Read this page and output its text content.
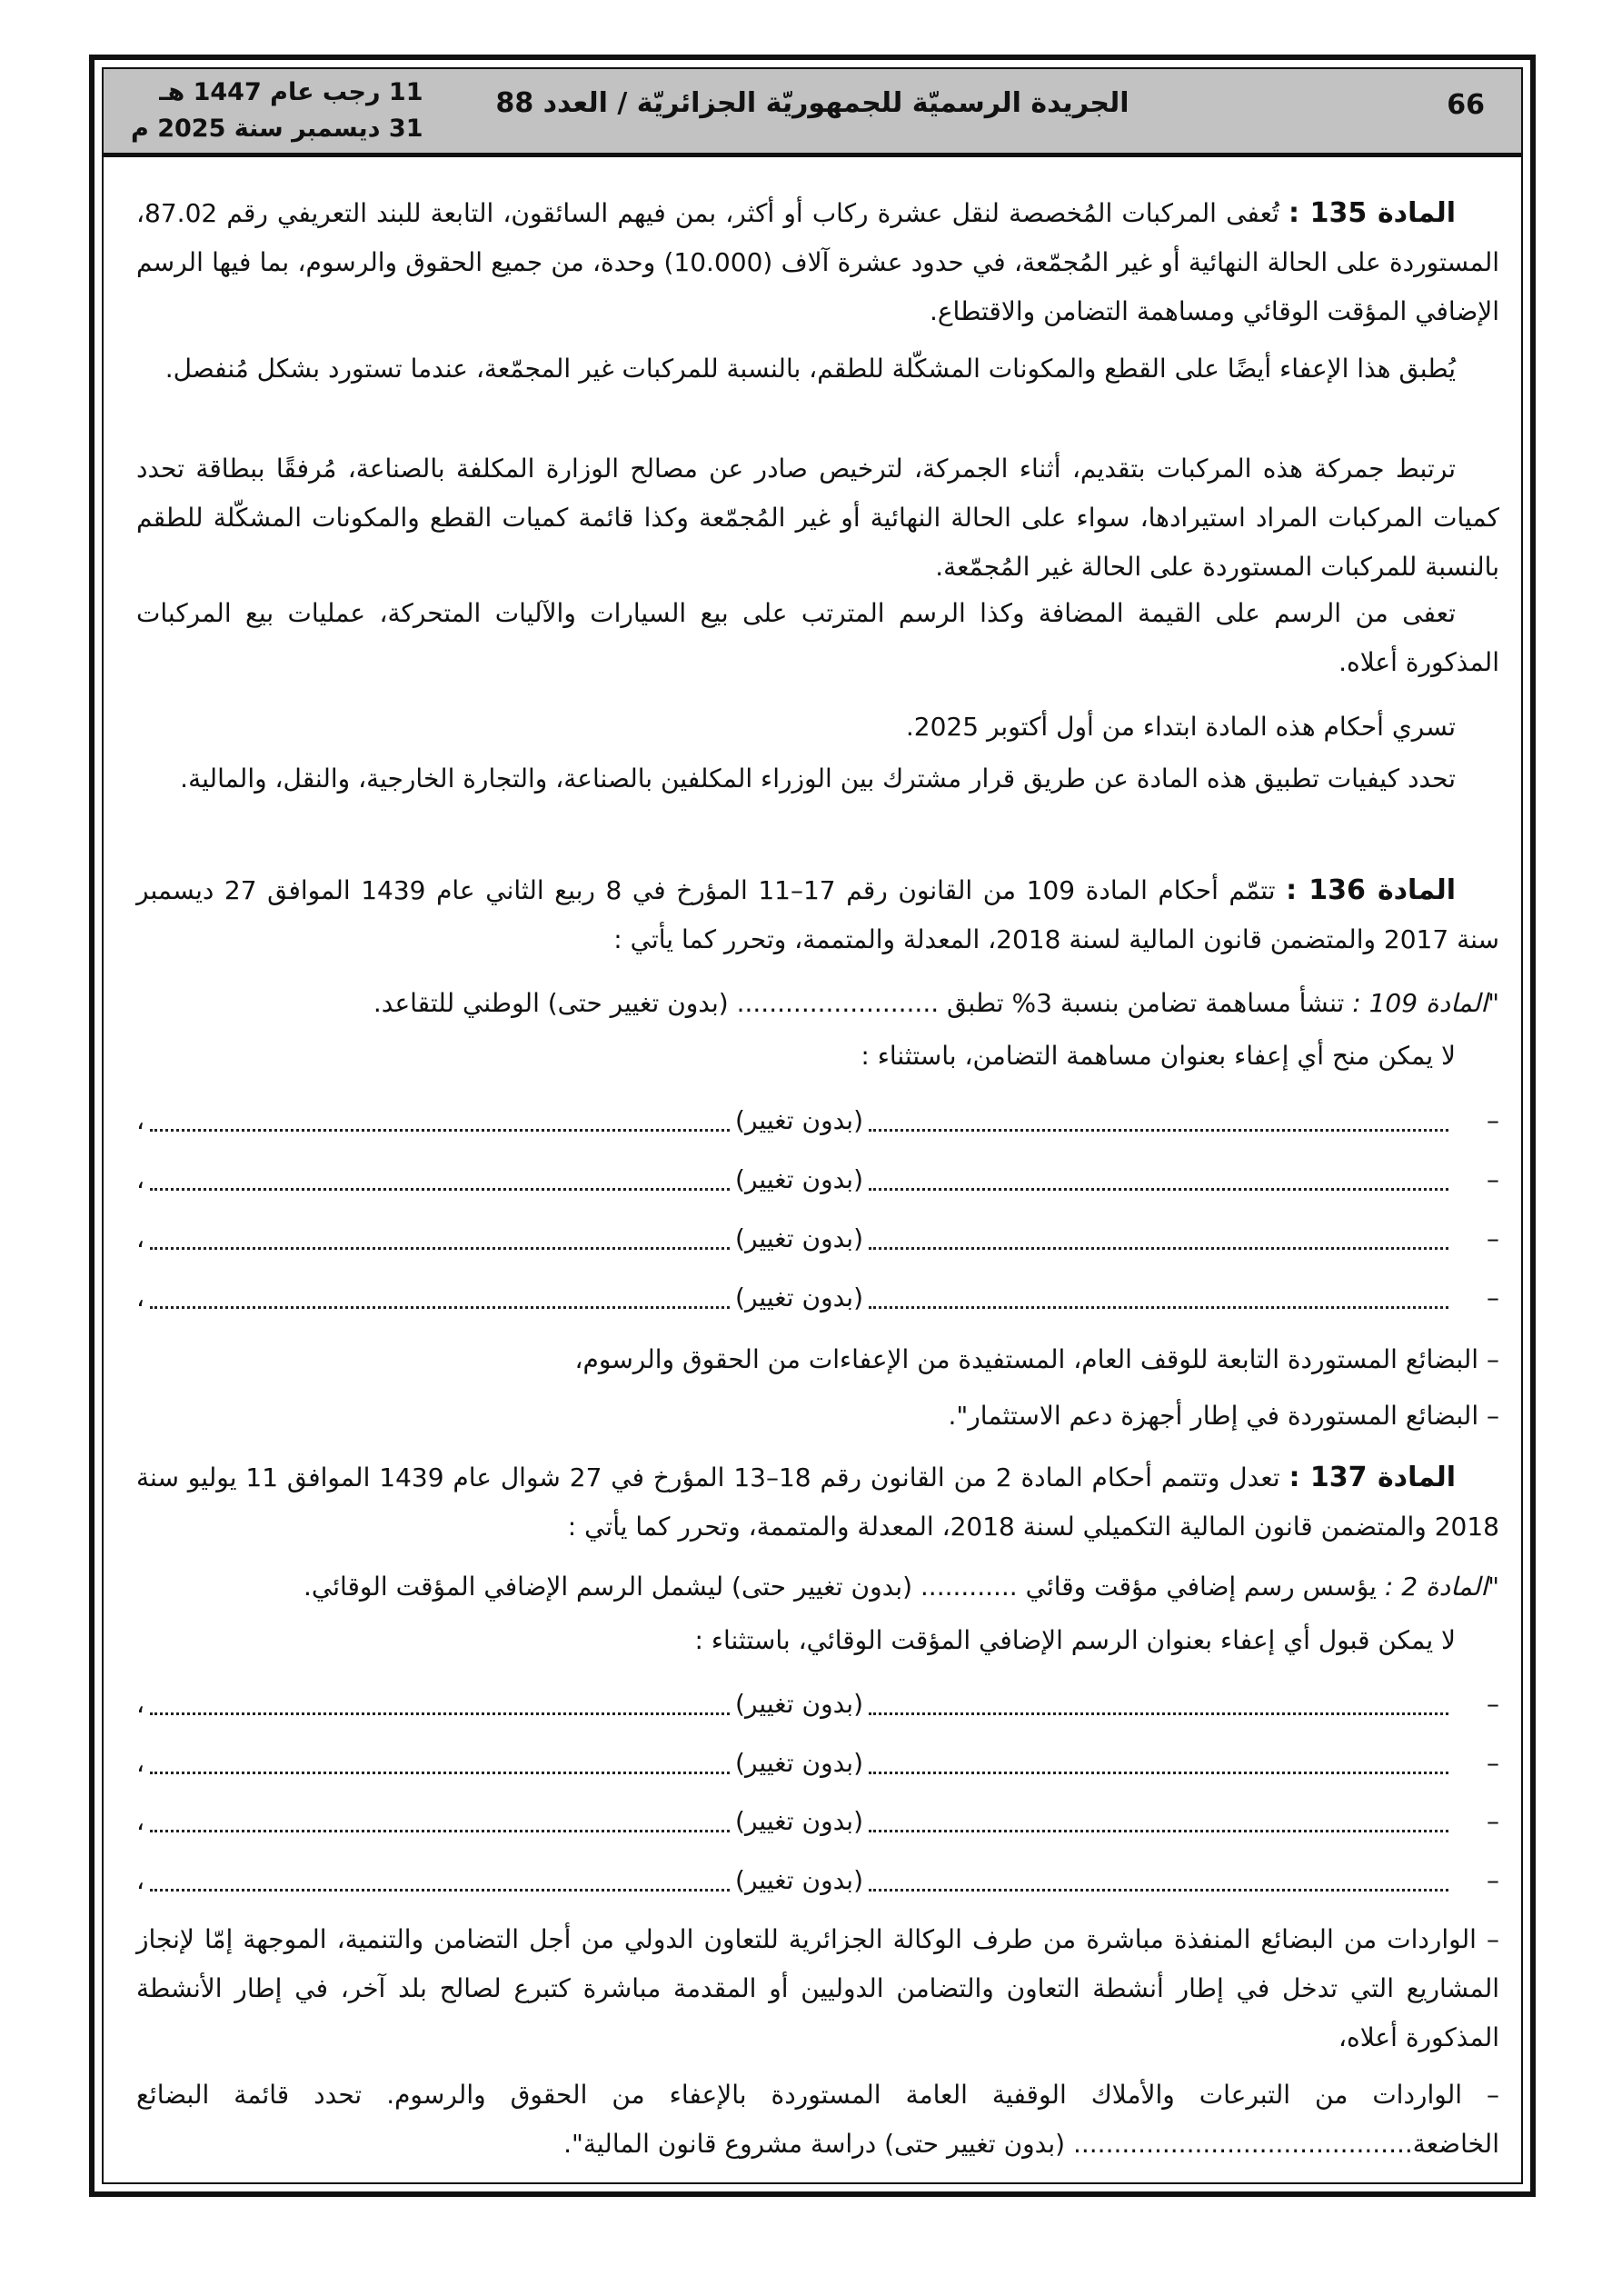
66
الجريدة الرسميّة للجمهوريّة الجزائريّة / العدد 88
11 رجب عام 1447 هـ
31 ديسمبر سنة 2025 م
المادة 135 : تُعفى المركبات المُخصصة لنقل عشرة ركاب أو أكثر، بمن فيهم السائقون، التابعة للبند التعريفي رقم 87.02، المستوردة على الحالة النهائية أو غير المُجمّعة، في حدود عشرة آلاف (10.000) وحدة، من جميع الحقوق والرسوم، بما فيها الرسم الإضافي المؤقت الوقائي ومساهمة التضامن والاقتطاع.
يُطبق هذا الإعفاء أيضًا على القطع والمكونات المشكّلة للطقم، بالنسبة للمركبات غير المجمّعة، عندما تستورد بشكل مُنفصل.
ترتبط جمركة هذه المركبات بتقديم، أثناء الجمركة، لترخيص صادر عن مصالح الوزارة المكلفة بالصناعة، مُرفقًا ببطاقة تحدد كميات المركبات المراد استيرادها، سواء على الحالة النهائية أو غير المُجمّعة وكذا قائمة كميات القطع والمكونات المشكّلة للطقم بالنسبة للمركبات المستوردة على الحالة غير المُجمّعة.
تعفى من الرسم على القيمة المضافة وكذا الرسم المترتب على بيع السيارات والآليات المتحركة، عمليات بيع المركبات المذكورة أعلاه.
تسري أحكام هذه المادة ابتداء من أول أكتوبر 2025.
تحدد كيفيات تطبيق هذه المادة عن طريق قرار مشترك بين الوزراء المكلفين بالصناعة، والتجارة الخارجية، والنقل، والمالية.
المادة 136 : تتمّم أحكام المادة 109 من القانون رقم 17–11 المؤرخ في 8 ربيع الثاني عام 1439 الموافق 27 ديسمبر سنة 2017 والمتضمن قانون المالية لسنة 2018، المعدلة والمتممة، وتحرر كما يأتي :
"المادة 109 : تنشأ مساهمة تضامن بنسبة 3% تطبق ......................... (بدون تغيير حتى) الوطني للتقاعد.
لا يمكن منح أي إعفاء بعنوان مساهمة التضامن، باستثناء :
–
(بدون تغيير)
،
–
(بدون تغيير)
،
–
(بدون تغيير)
،
–
(بدون تغيير)
،
– البضائع المستوردة التابعة للوقف العام، المستفيدة من الإعفاءات من الحقوق والرسوم،
– البضائع المستوردة في إطار أجهزة دعم الاستثمار".
المادة 137 : تعدل وتتمم أحكام المادة 2 من القانون رقم 18–13 المؤرخ في 27 شوال عام 1439 الموافق 11 يوليو سنة 2018 والمتضمن قانون المالية التكميلي لسنة 2018، المعدلة والمتممة، وتحرر كما يأتي :
"المادة 2 : يؤسس رسم إضافي مؤقت وقائي ............ (بدون تغيير حتى) ليشمل الرسم الإضافي المؤقت الوقائي.
لا يمكن قبول أي إعفاء بعنوان الرسم الإضافي المؤقت الوقائي، باستثناء :
–
(بدون تغيير)
،
–
(بدون تغيير)
،
–
(بدون تغيير)
،
–
(بدون تغيير)
،
– الواردات من البضائع المنفذة مباشرة من طرف الوكالة الجزائرية للتعاون الدولي من أجل التضامن والتنمية، الموجهة إمّا لإنجاز المشاريع التي تدخل في إطار أنشطة التعاون والتضامن الدوليين أو المقدمة مباشرة كتبرع لصالح بلد آخر، في إطار الأنشطة المذكورة أعلاه،
– الواردات من التبرعات والأملاك الوقفية العامة المستوردة بالإعفاء من الحقوق والرسوم. تحدد قائمة البضائع الخاضعة.......................................... (بدون تغيير حتى) دراسة مشروع قانون المالية".
